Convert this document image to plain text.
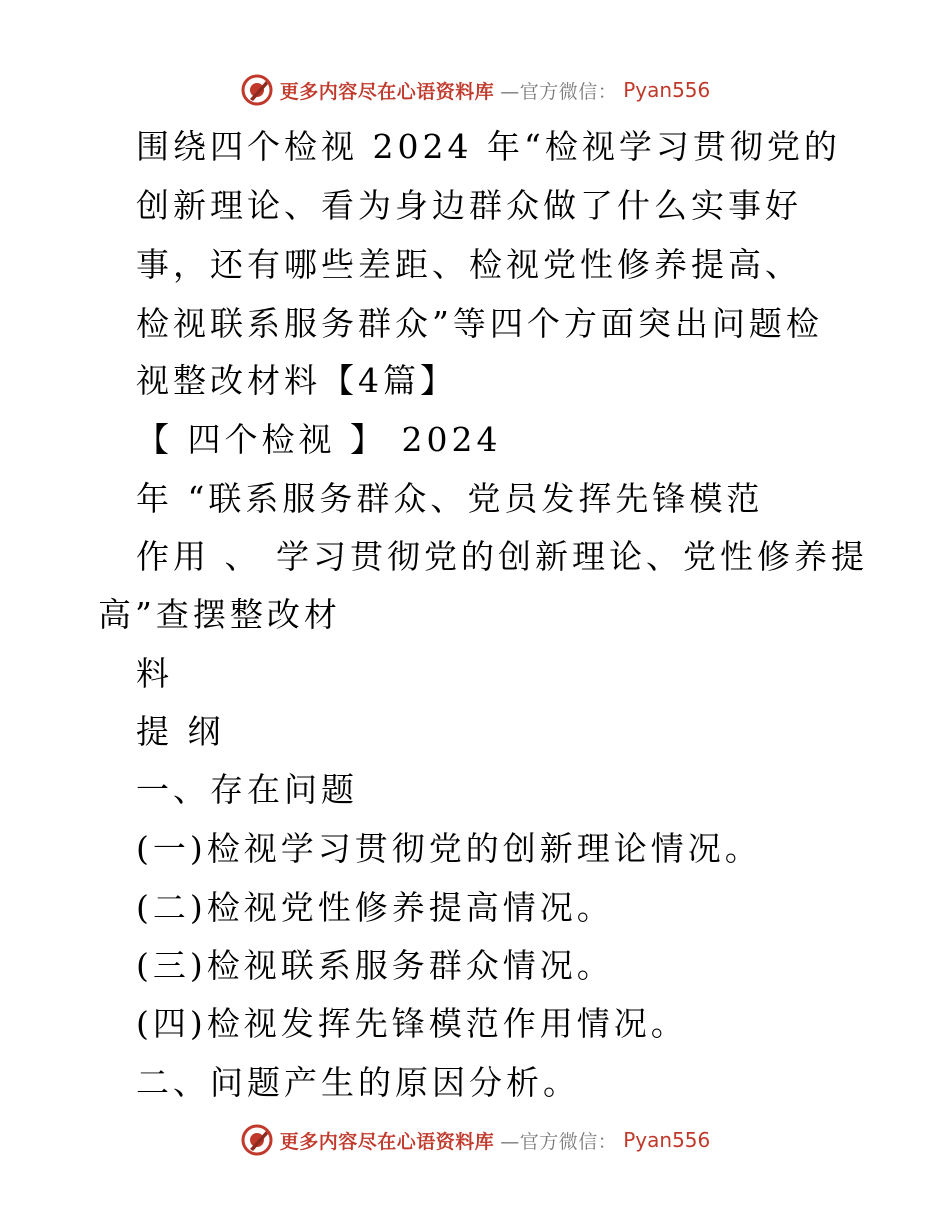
更多内容尽在心语资料库 —官方微信： Pyan556
围绕四个检视 2024 年“检视学习贯彻党的
创新理论、看为身边群众做了什么实事好
事，还有哪些差距、检视党性修养提高、
检视联系服务群众”等四个方面突出问题检
视整改材料【4篇】
【 四个检视 】 2024
年 “联系服务群众、党员发挥先锋模范
作用 、 学习贯彻党的创新理论、党性修养提
高”查摆整改材
料
提 纲
一、存在问题
(一)检视学习贯彻党的创新理论情况。
(二)检视党性修养提高情况。
(三)检视联系服务群众情况。
(四)检视发挥先锋模范作用情况。
二、问题产生的原因分析。
更多内容尽在心语资料库 —官方微信： Pyan556
